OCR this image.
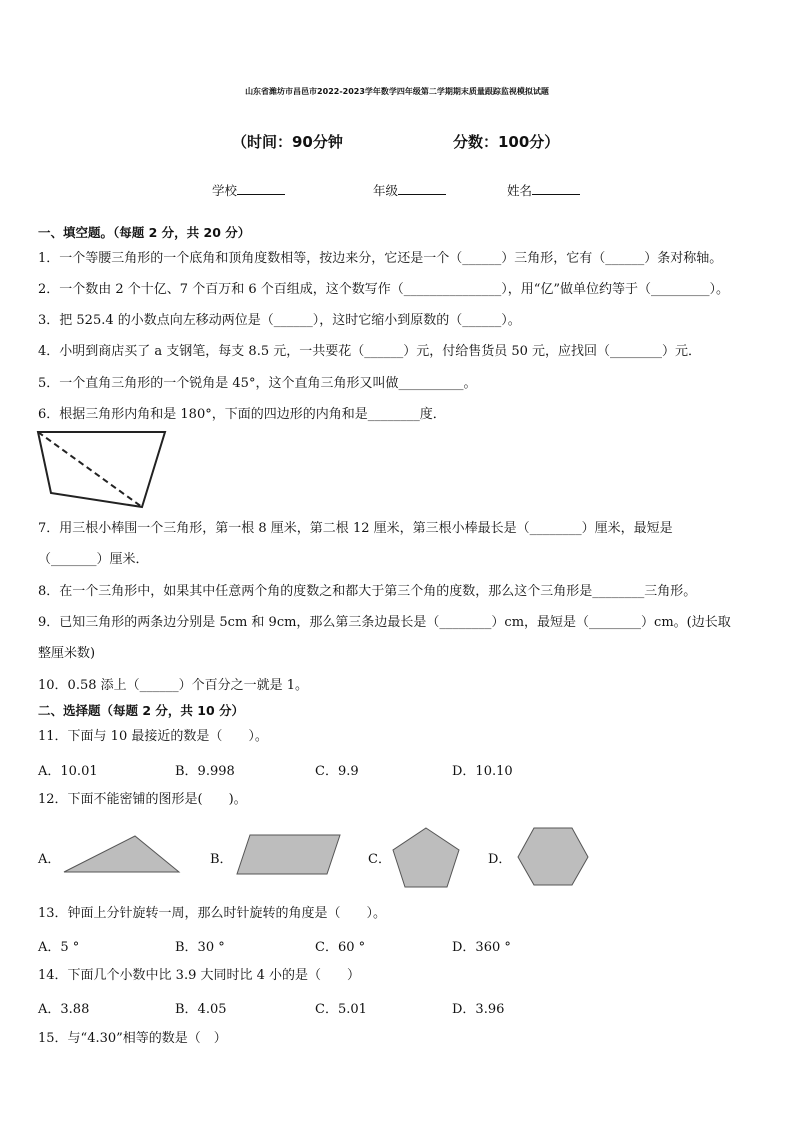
山东省潍坊市昌邑市2022-2023学年数学四年级第二学期期末质量跟踪监视模拟试题
（时间：90分钟	分数：100分）
学校	年级	姓名
一、填空题。（每题 2 分，共 20 分）
1．一个等腰三角形的一个底角和顶角度数相等，按边来分，它还是一个（______）三角形，它有（______）条对称轴。
2．一个数由 2 个十亿、7 个百万和 6 个百组成，这个数写作（_______________），用“亿”做单位约等于（_________）。
3．把 525.4 的小数点向左移动两位是（______），这时它缩小到原数的（______）。
4．小明到商店买了 a 支钢笔，每支 8.5 元，一共要花（______）元，付给售货员 50 元，应找回（________）元．
5．一个直角三角形的一个锐角是 45°，这个直角三角形又叫做__________。
6．根据三角形内角和是 180°，下面的四边形的内角和是________度．
7．用三根小棒围一个三角形，第一根 8 厘米，第二根 12 厘米，第三根小棒最长是（________）厘米，最短是
（_______）厘米．
8．在一个三角形中，如果其中任意两个角的度数之和都大于第三个角的度数，那么这个三角形是________三角形。
9．已知三角形的两条边分别是 5cm 和 9cm，那么第三条边最长是（________）cm，最短是（________）cm。(边长取
整厘米数)
10．0.58 添上（______）个百分之一就是 1。
二、选择题（每题 2 分，共 10 分）
11．下面与 10 最接近的数是（　　）。
A．10.01	B．9.998	C．9.9	D．10.10
12．下面不能密铺的图形是(　　)。
A．	B．	C．	D．
13．钟面上分针旋转一周，那么时针旋转的角度是（　　）。
A．5 °	B．30 °	C．60 °	D．360 °
14．下面几个小数中比 3.9 大同时比 4 小的是（　　）
A．3.88	B．4.05	C．5.01	D．3.96
15．与“4.30”相等的数是（　）
